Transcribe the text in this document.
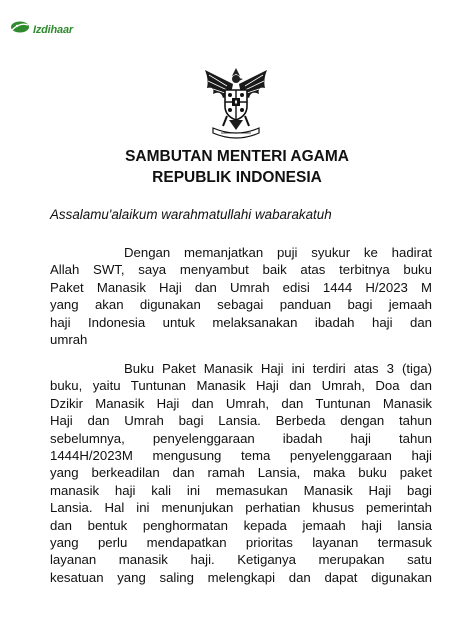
Izdihaar
SAMBUTAN MENTERI AGAMA
REPUBLIK INDONESIA
Assalamu'alaikum warahmatullahi wabarakatuh
Dengan memanjatkan puji syukur ke hadirat
Allah SWT, saya menyambut baik atas terbitnya buku
Paket Manasik Haji dan Umrah edisi 1444 H/2023 M
yang akan digunakan sebagai panduan bagi jemaah
haji Indonesia untuk melaksanakan ibadah haji dan
umrah
Buku Paket Manasik Haji ini terdiri atas 3 (tiga)
buku, yaitu Tuntunan Manasik Haji dan Umrah, Doa dan
Dzikir Manasik Haji dan Umrah, dan Tuntunan Manasik
Haji dan Umrah bagi Lansia. Berbeda dengan tahun
sebelumnya, penyelenggaraan ibadah haji tahun
1444H/2023M mengusung tema penyelenggaraan haji
yang berkeadilan dan ramah Lansia, maka buku paket
manasik haji kali ini memasukan Manasik Haji bagi
Lansia. Hal ini menunjukan perhatian khusus pemerintah
dan bentuk penghormatan kepada jemaah haji lansia
yang perlu mendapatkan prioritas layanan termasuk
layanan manasik haji. Ketiganya merupakan satu
kesatuan yang saling melengkapi dan dapat digunakan
